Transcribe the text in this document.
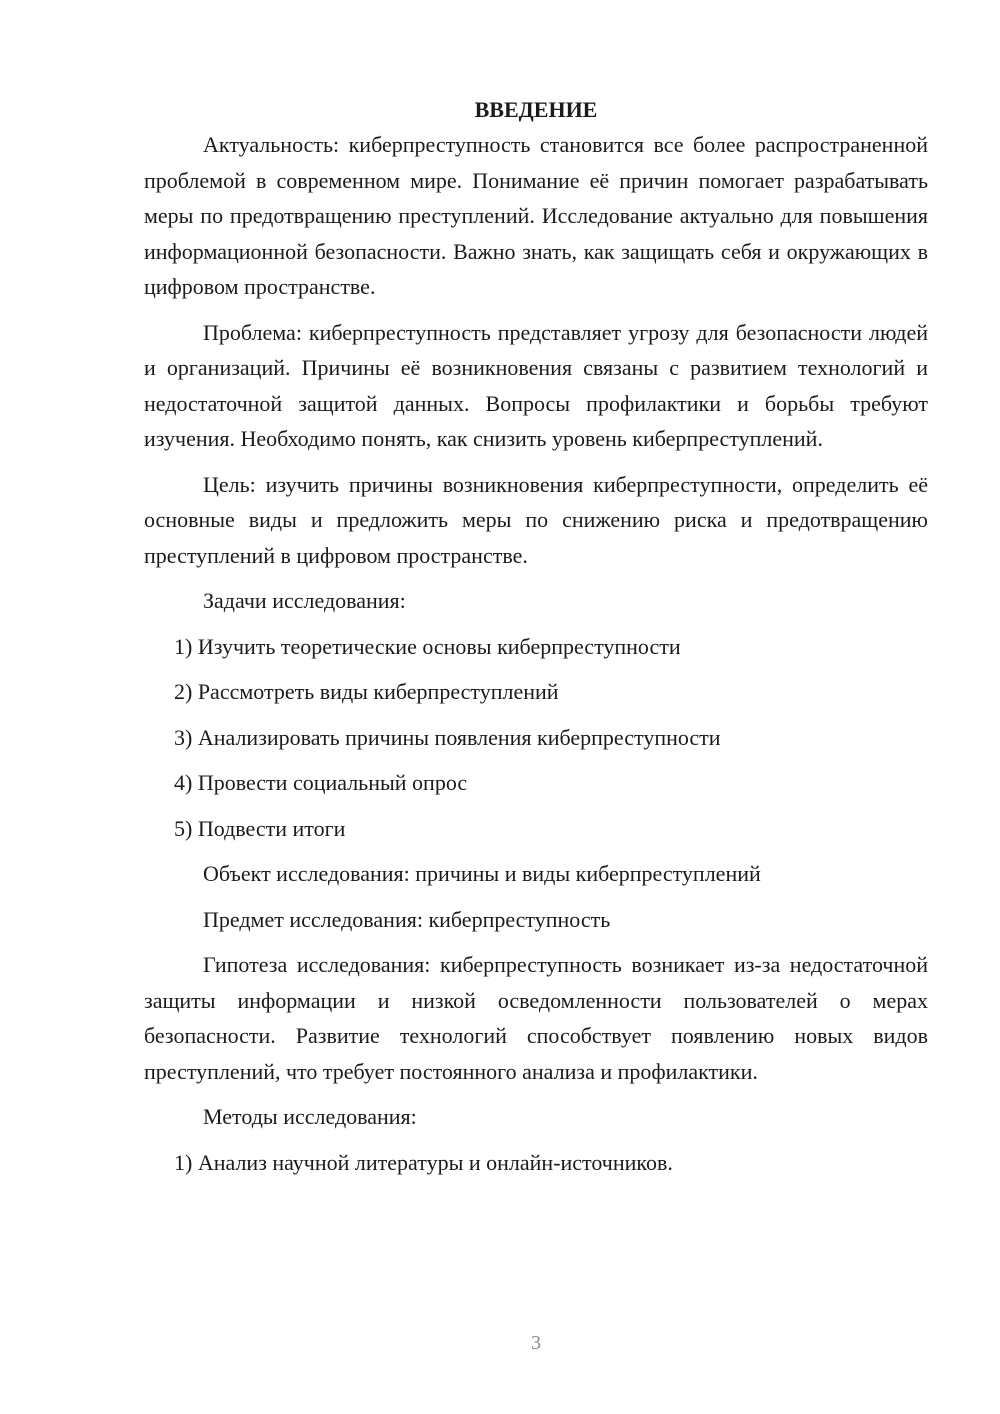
ВВЕДЕНИЕ

Актуальность: киберпреступность становится все более распространенной проблемой в современном мире. Понимание её причин помогает разрабатывать меры по предотвращению преступлений. Исследование актуально для повышения информационной безопасности. Важно знать, как защищать себя и окружающих в цифровом пространстве.

Проблема: киберпреступность представляет угрозу для безопасности людей и организаций. Причины её возникновения связаны с развитием технологий и недостаточной защитой данных. Вопросы профилактики и борьбы требуют изучения. Необходимо понять, как снизить уровень киберпреступлений.

Цель: изучить причины возникновения киберпреступности, определить её основные виды и предложить меры по снижению риска и предотвращению преступлений в цифровом пространстве.

Задачи исследования:

1) Изучить теоретические основы киберпреступности

2) Рассмотреть виды киберпреступлений

3) Анализировать причины появления киберпреступности

4) Провести социальный опрос

5) Подвести итоги

Объект исследования: причины и виды киберпреступлений

Предмет исследования: киберпреступность

Гипотеза исследования: киберпреступность возникает из-за недостаточной защиты информации и низкой осведомленности пользователей о мерах безопасности. Развитие технологий способствует появлению новых видов преступлений, что требует постоянного анализа и профилактики.

Методы исследования:

1) Анализ научной литературы и онлайн-источников.

3
